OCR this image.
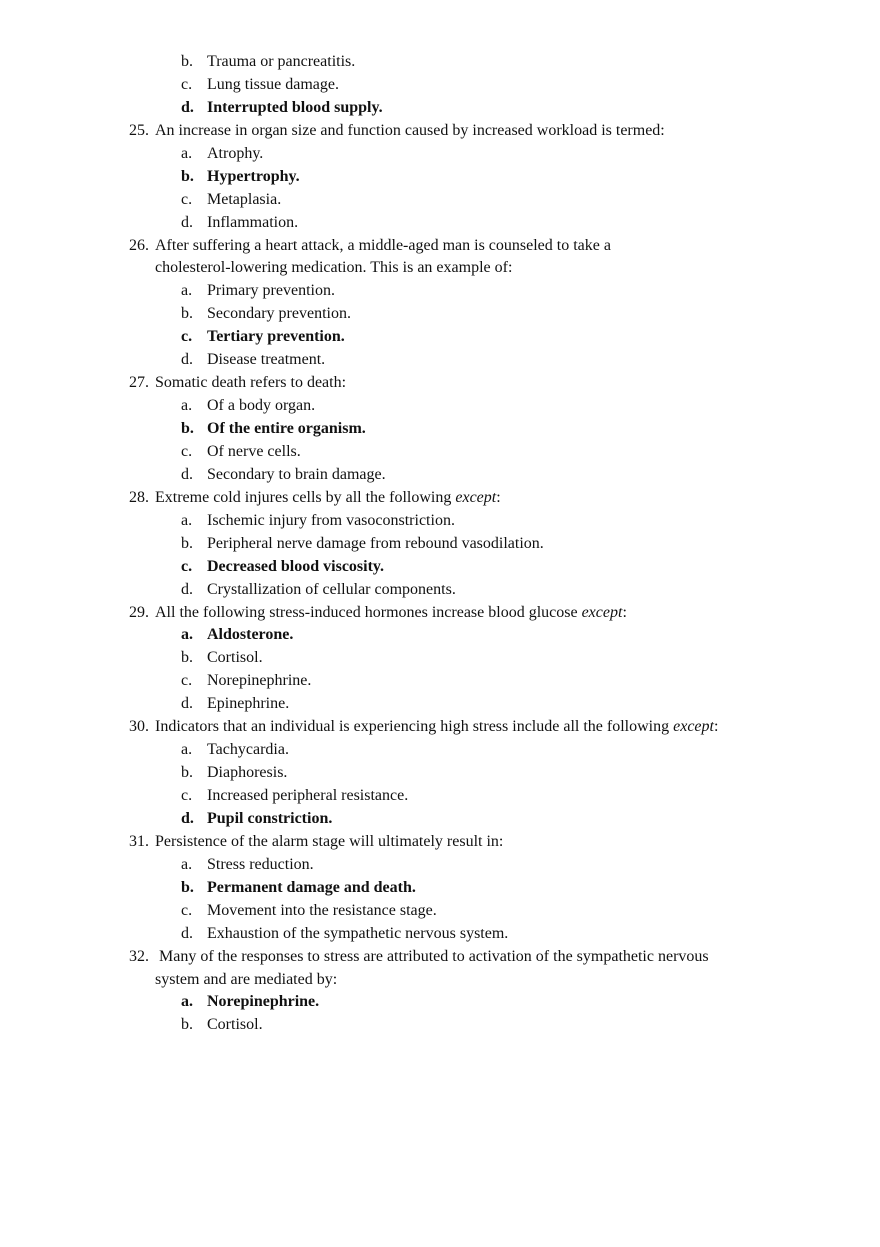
b. Trauma or pancreatitis.
c. Lung tissue damage.
d. Interrupted blood supply.
25. An increase in organ size and function caused by increased workload is termed:
a. Atrophy.
b. Hypertrophy.
c. Metaplasia.
d. Inflammation.
26. After suffering a heart attack, a middle-aged man is counseled to take a
cholesterol-lowering medication. This is an example of:
a. Primary prevention.
b. Secondary prevention.
c. Tertiary prevention.
d. Disease treatment.
27. Somatic death refers to death:
a. Of a body organ.
b. Of the entire organism.
c. Of nerve cells.
d. Secondary to brain damage.
28. Extreme cold injures cells by all the following except:
a. Ischemic injury from vasoconstriction.
b. Peripheral nerve damage from rebound vasodilation.
c. Decreased blood viscosity.
d. Crystallization of cellular components.
29. All the following stress-induced hormones increase blood glucose except:
a. Aldosterone.
b. Cortisol.
c. Norepinephrine.
d. Epinephrine.
30. Indicators that an individual is experiencing high stress include all the following except:
a. Tachycardia.
b. Diaphoresis.
c. Increased peripheral resistance.
d. Pupil constriction.
31. Persistence of the alarm stage will ultimately result in:
a. Stress reduction.
b. Permanent damage and death.
c. Movement into the resistance stage.
d. Exhaustion of the sympathetic nervous system.
32. Many of the responses to stress are attributed to activation of the sympathetic nervous
system and are mediated by:
a. Norepinephrine.
b. Cortisol.
